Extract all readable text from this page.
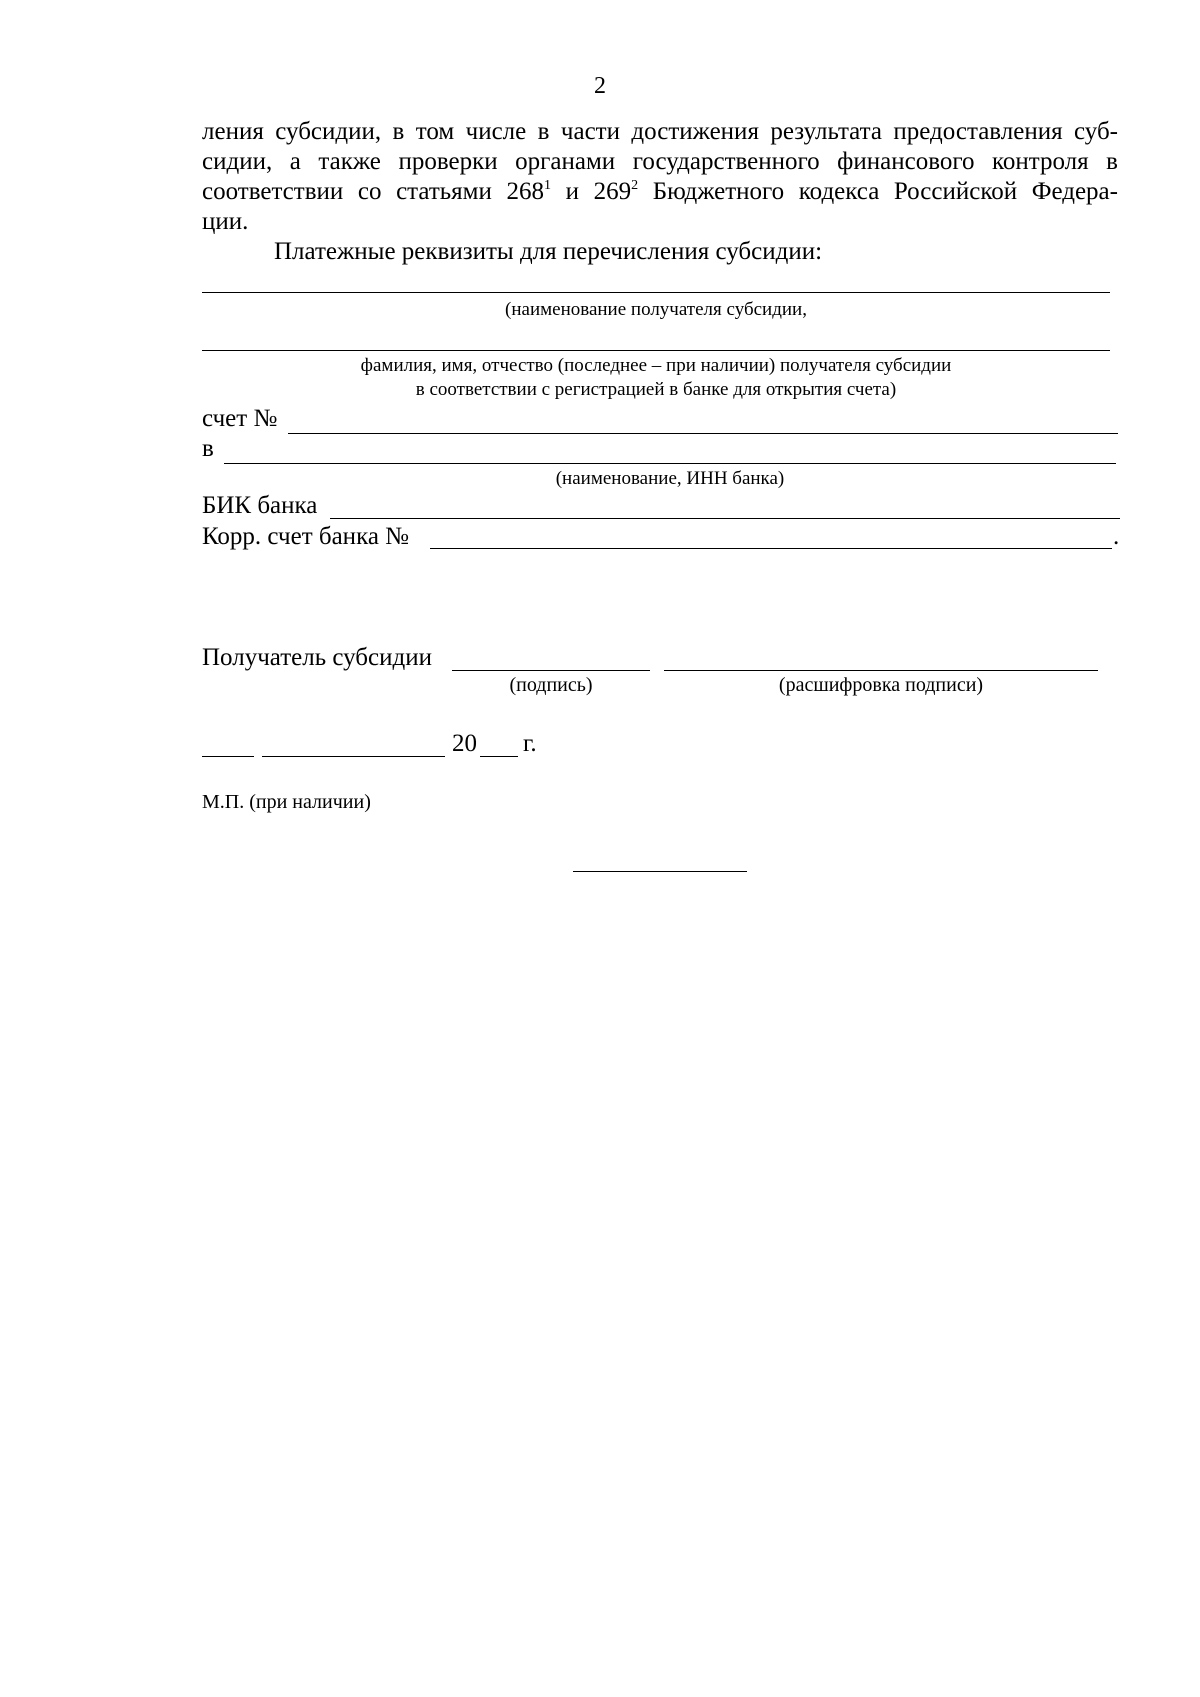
2
ления субсидии, в том числе в части достижения результата предоставления суб-
сидии, а также проверки органами государственного финансового контроля в
соответствии со статьями $268^1$ и $269^2$ Бюджетного кодекса Российской Федера-
ции.
Платежные реквизиты для перечисления субсидии:
(наименование получателя субсидии,
фамилия, имя, отчество (последнее – при наличии) получателя субсидии
в соответствии с регистрацией в банке для открытия счета)
счет №
в
(наименование, ИНН банка)
БИК банка
Корр. счет банка №	.
Получатель субсидии
(подпись)	(расшифровка подписи)
20 г.
М.П. (при наличии)
